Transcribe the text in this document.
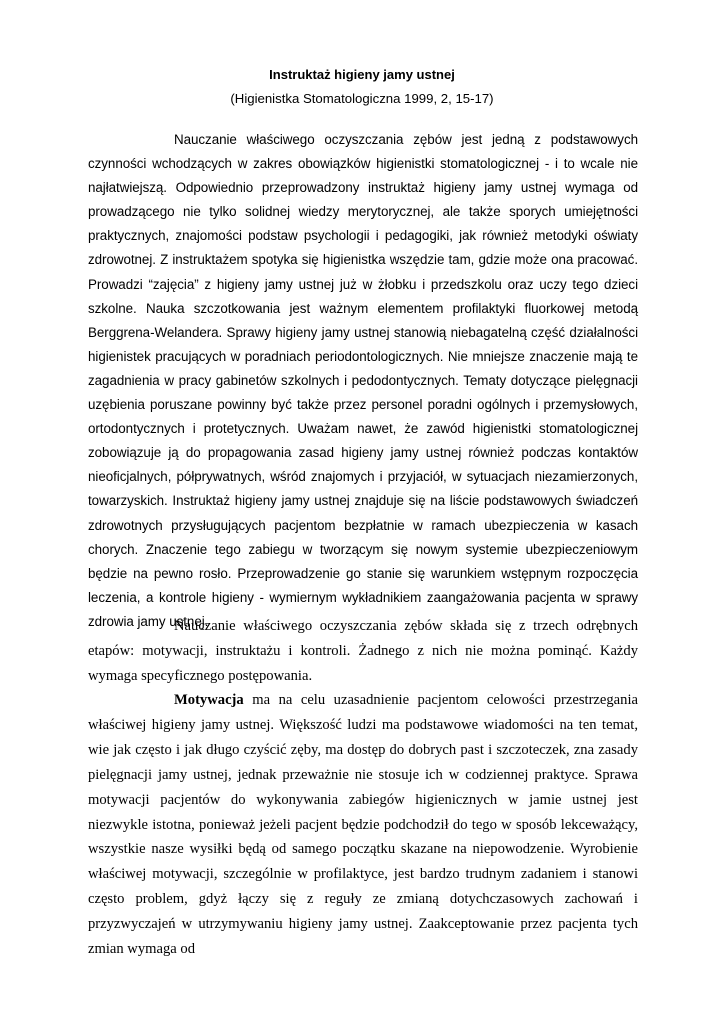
Instruktaż higieny jamy ustnej
(Higienistka Stomatologiczna 1999, 2, 15-17)

Nauczanie właściwego oczyszczania zębów jest jedną z podstawowych czynności wchodzących w zakres obowiązków higienistki stomatologicznej - i to wcale nie najłatwiejszą. Odpowiednio przeprowadzony instruktaż higieny jamy ustnej wymaga od prowadzącego nie tylko solidnej wiedzy merytorycznej, ale także sporych umiejętności praktycznych, znajomości podstaw psychologii i pedagogiki, jak również metodyki oświaty zdrowotnej. Z instruktażem spotyka się higienistka wszędzie tam, gdzie może ona pracować. Prowadzi “zajęcia” z higieny jamy ustnej już w żłobku i przedszkolu oraz uczy tego dzieci szkolne. Nauka szczotkowania jest ważnym elementem profilaktyki fluorkowej metodą Berggrena-Welandera. Sprawy higieny jamy ustnej stanowią niebagatelną część działalności higienistek pracujących w poradniach periodontologicznych. Nie mniejsze znaczenie mają te zagadnienia w pracy gabinetów szkolnych i pedodontycznych. Tematy dotyczące pielęgnacji uzębienia poruszane powinny być także przez personel poradni ogólnych i przemysłowych, ortodontycznych i protetycznych. Uważam nawet, że zawód higienistki stomatologicznej zobowiązuje ją do propagowania zasad higieny jamy ustnej również podczas kontaktów nieoficjalnych, półprywatnych, wśród znajomych i przyjaciół, w sytuacjach niezamierzonych, towarzyskich. Instruktaż higieny jamy ustnej znajduje się na liście podstawowych świadczeń zdrowotnych przysługujących pacjentom bezpłatnie w ramach ubezpieczenia w kasach chorych. Znaczenie tego zabiegu w tworzącym się nowym systemie ubezpieczeniowym będzie na pewno rosło. Przeprowadzenie go stanie się warunkiem wstępnym rozpoczęcia leczenia, a kontrole higieny - wymiernym wykładnikiem zaangażowania pacjenta w sprawy zdrowia jamy ustnej.

Nauczanie właściwego oczyszczania zębów składa się z trzech odrębnych etapów: motywacji, instruktażu i kontroli. Żadnego z nich nie można pominąć. Każdy wymaga specyficznego postępowania.

Motywacja ma na celu uzasadnienie pacjentom celowości przestrzegania właściwej higieny jamy ustnej. Większość ludzi ma podstawowe wiadomości na ten temat, wie jak często i jak długo czyścić zęby, ma dostęp do dobrych past i szczoteczek, zna zasady pielęgnacji jamy ustnej, jednak przeważnie nie stosuje ich w codziennej praktyce. Sprawa motywacji pacjentów do wykonywania zabiegów higienicznych w jamie ustnej jest niezwykle istotna, ponieważ jeżeli pacjent będzie podchodził do tego w sposób lekceważący, wszystkie nasze wysiłki będą od samego początku skazane na niepowodzenie. Wyrobienie właściwej motywacji, szczególnie w profilaktyce, jest bardzo trudnym zadaniem i stanowi często problem, gdyż łączy się z reguły ze zmianą dotychczasowych zachowań i przyzwyczajeń w utrzymywaniu higieny jamy ustnej. Zaakceptowanie przez pacjenta tych zmian wymaga od
